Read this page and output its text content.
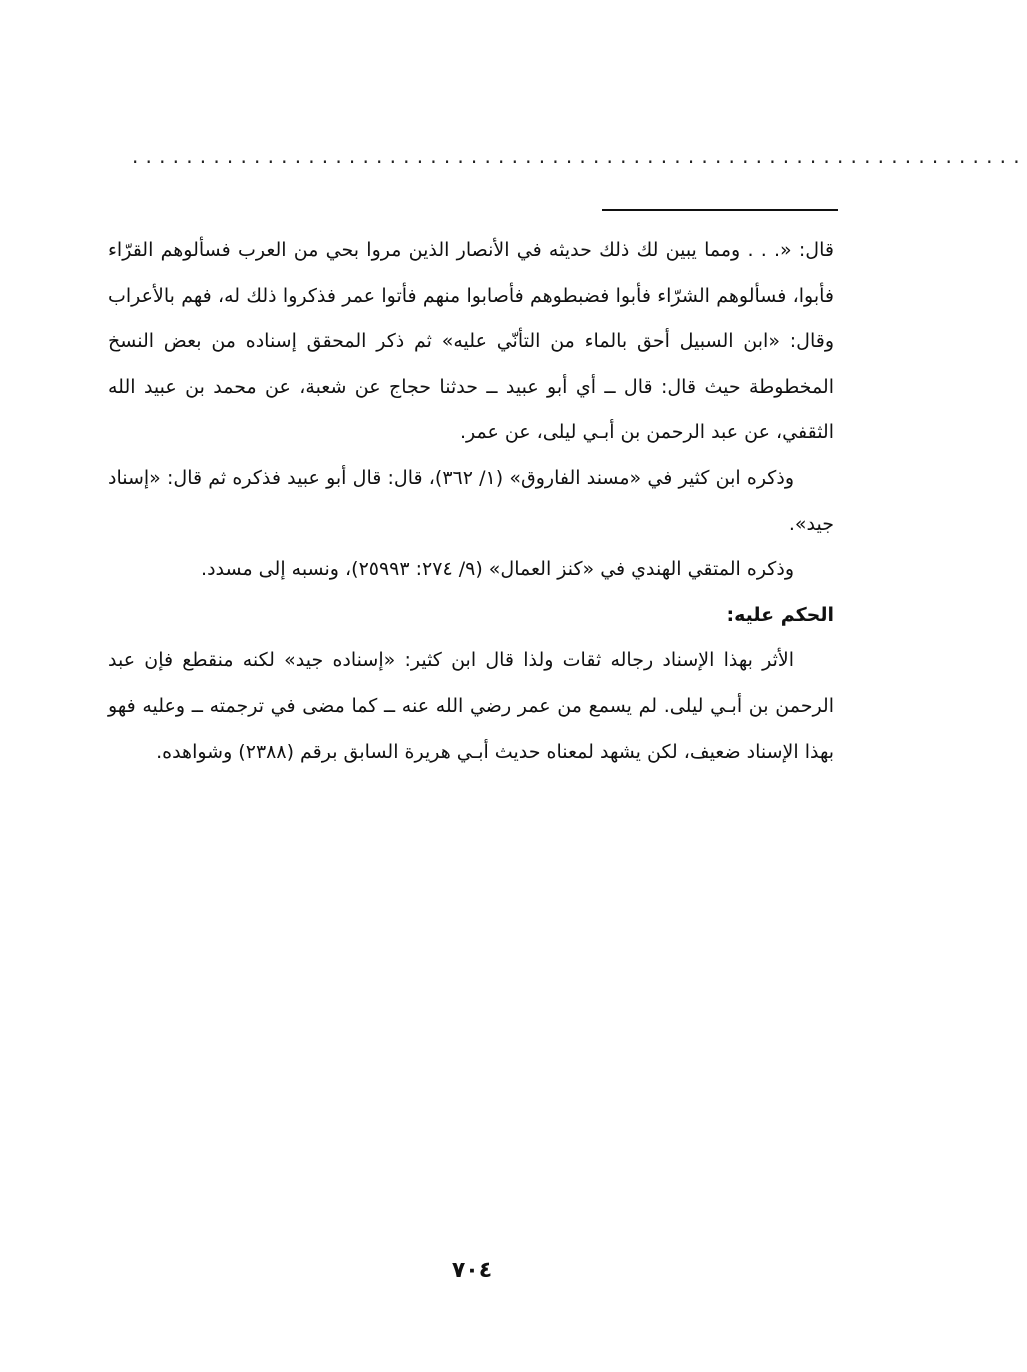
..................................................................

قال: «. . . ومما يبين لك ذلك حديثه في الأنصار الذين مروا بحي من العرب فسألوهم القرّاء فأبوا، فسألوهم الشرّاء فأبوا فضبطوهم فأصابوا منهم فأتوا عمر فذكروا ذلك له، فهم بالأعراب وقال: «ابن السبيل أحق بالماء من التأنّي عليه» ثم ذكر المحقق إسناده من بعض النسخ المخطوطة حيث قال: قال ــ أي أبو عبيد ــ حدثنا حجاج عن شعبة، عن محمد بن عبيد الله الثقفي، عن عبد الرحمن بن أبـي ليلى، عن عمر.

وذكره ابن كثير في «مسند الفاروق» (١/ ٣٦٢)، قال: قال أبو عبيد فذكره ثم قال: «إسناد جيد».

وذكره المتقي الهندي في «كنز العمال» (٩/ ٢٧٤: ٢٥٩٩٣)، ونسبه إلى مسدد.

الحكم عليه:

الأثر بهذا الإسناد رجاله ثقات ولذا قال ابن كثير: «إسناده جيد» لكنه منقطع فإن عبد الرحمن بن أبـي ليلى. لم يسمع من عمر رضي الله عنه ــ كما مضى في ترجمته ــ وعليه فهو بهذا الإسناد ضعيف، لكن يشهد لمعناه حديث أبـي هريرة السابق برقم (٢٣٨٨) وشواهده.

٧٠٤
